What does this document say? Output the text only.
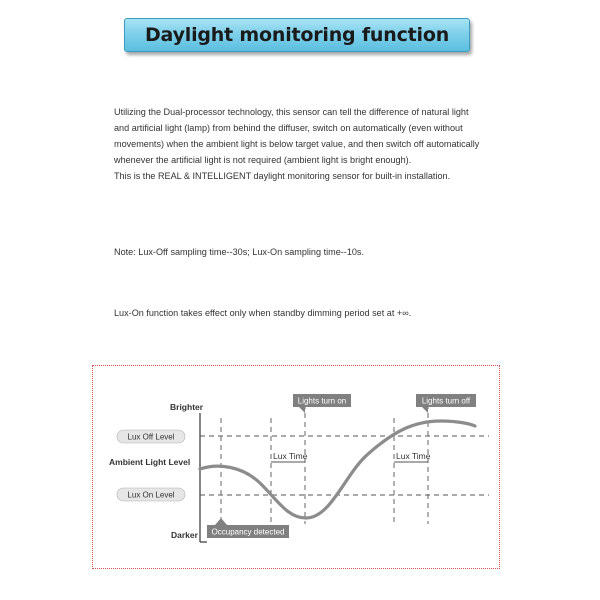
Daylight monitoring function

Utilizing the Dual-processor technology, this sensor can tell the difference of natural light and artificial light (lamp) from behind the diffuser, switch on automatically (even without movements) when the ambient light is below target value, and then switch off automatically whenever the artificial light is not required (ambient light is bright enough).
This is the REAL & INTELLIGENT daylight monitoring sensor for built-in installation.

Note: Lux-Off sampling time--30s; Lux-On sampling time--10s.

Lux-On function takes effect only when standby dimming period set at +∞.

Brighter
Ambient Light Level
Darker
Lux Time	Lux Time
Lux Off Level
Lux On Level
Lights turn on	Lights turn off
Occupancy detected
